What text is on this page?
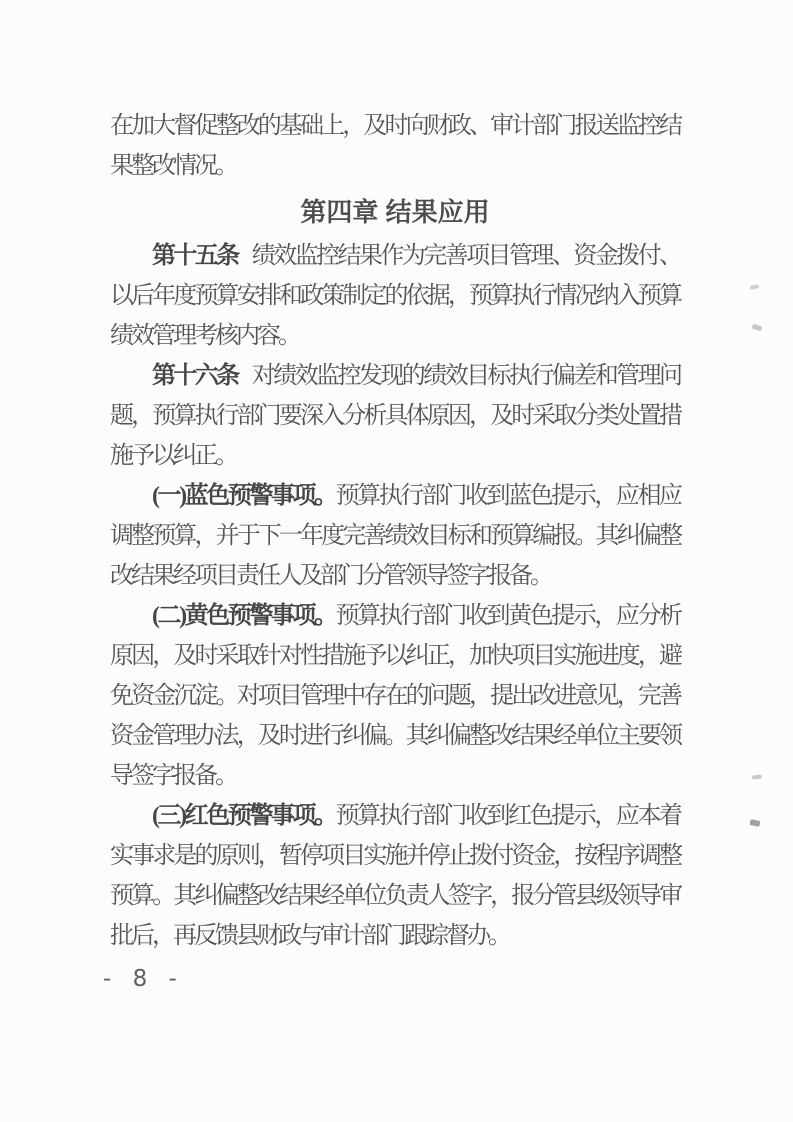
在加大督促整改的基础上，及时向财政、审计部门报送监控结果整改情况。

第四章 结果应用

第十五条 绩效监控结果作为完善项目管理、资金拨付、以后年度预算安排和政策制定的依据，预算执行情况纳入预算绩效管理考核内容。

第十六条 对绩效监控发现的绩效目标执行偏差和管理问题，预算执行部门要深入分析具体原因，及时采取分类处置措施予以纠正。

(一)蓝色预警事项。预算执行部门收到蓝色提示，应相应调整预算，并于下一年度完善绩效目标和预算编报。其纠偏整改结果经项目责任人及部门分管领导签字报备。

(二)黄色预警事项。预算执行部门收到黄色提示，应分析原因，及时采取针对性措施予以纠正，加快项目实施进度，避免资金沉淀。对项目管理中存在的问题，提出改进意见，完善资金管理办法，及时进行纠偏。其纠偏整改结果经单位主要领导签字报备。

(三)红色预警事项。预算执行部门收到红色提示，应本着实事求是的原则，暂停项目实施并停止拨付资金，按程序调整预算。其纠偏整改结果经单位负责人签字，报分管县级领导审批后，再反馈县财政与审计部门跟踪督办。

- 8 -
